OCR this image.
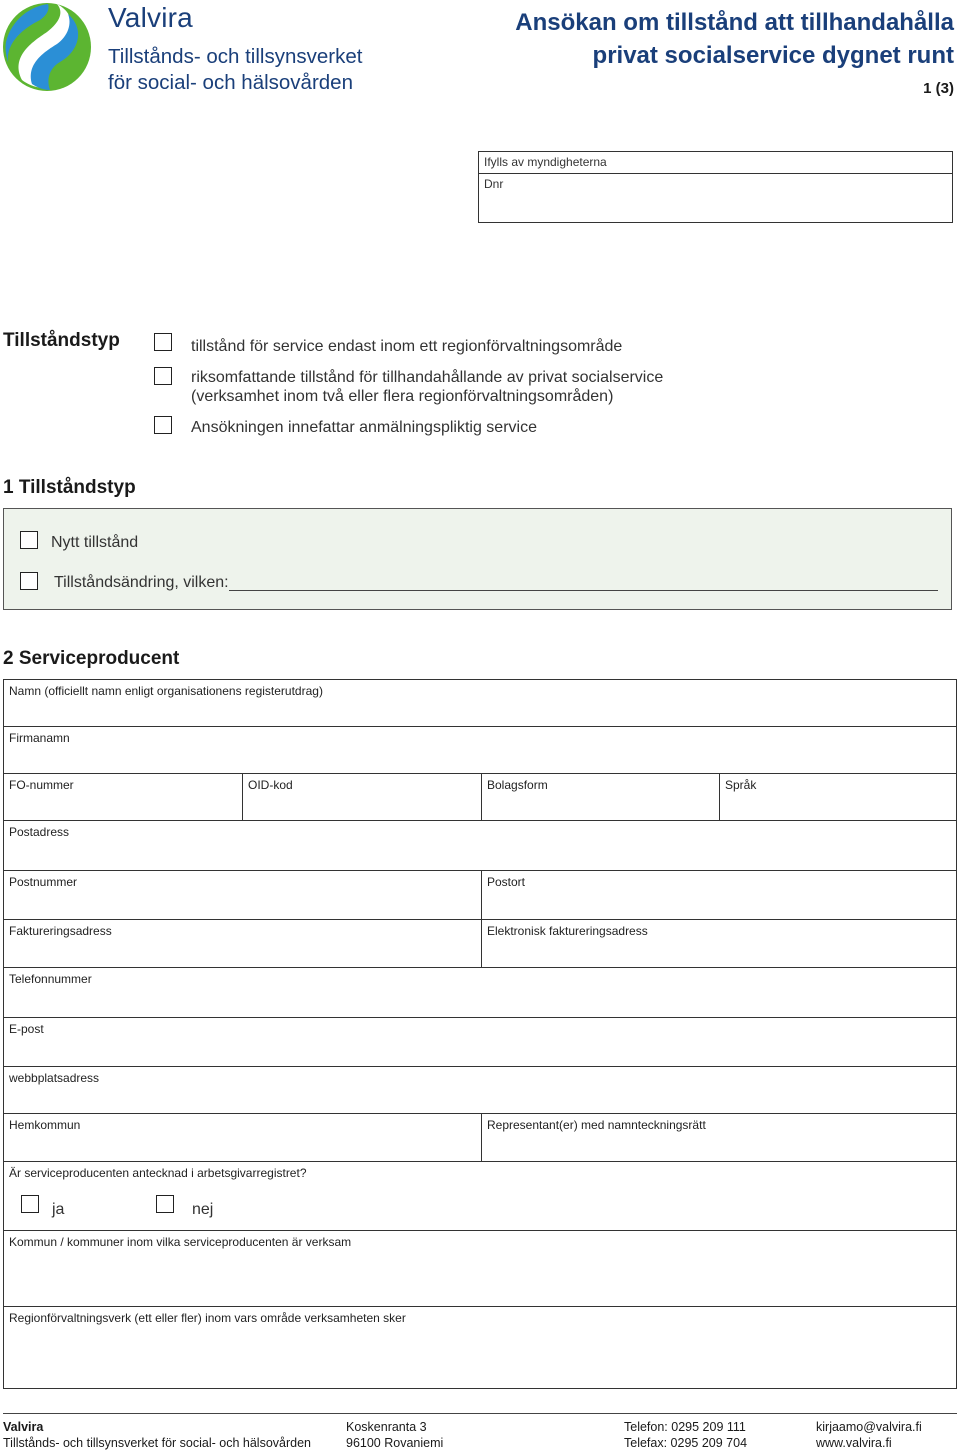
Valvira
Tillstånds- och tillsynsverket
för social- och hälsovården
Ansökan om tillstånd att tillhandahålla
privat socialservice dygnet runt
1 (3)
Ifylls av myndigheterna
Dnr
Tillståndstyp	tillstånd för service endast inom ett regionförvaltningsområde
riksomfattande tillstånd för tillhandahållande av privat socialservice
(verksamhet inom två eller flera regionförvaltningsområden)
Ansökningen innefattar anmälningspliktig service
1 Tillståndstyp
Nytt tillstånd
Tillståndsändring, vilken:
2 Serviceproducent
Namn (officiellt namn enligt organisationens registerutdrag)
Firmanamn
FO-nummer	OID-kod	Bolagsform	Språk
Postadress
Postnummer	Postort
Faktureringsadress	Elektronisk faktureringsadress
Telefonnummer
E-post
webbplatsadress
Hemkommun	Representant(er) med namnteckningsrätt
Är serviceproducenten antecknad i arbetsgivarregistret?
ja	nej
Kommun / kommuner inom vilka serviceproducenten är verksam
Regionförvaltningsverk (ett eller fler) inom vars område verksamheten sker
Valvira
Tillstånds- och tillsynsverket för social- och hälsovården
Koskenranta 3
96100 Rovaniemi
Telefon: 0295 209 111
Telefax: 0295 209 704
kirjaamo@valvira.fi
www.valvira.fi
